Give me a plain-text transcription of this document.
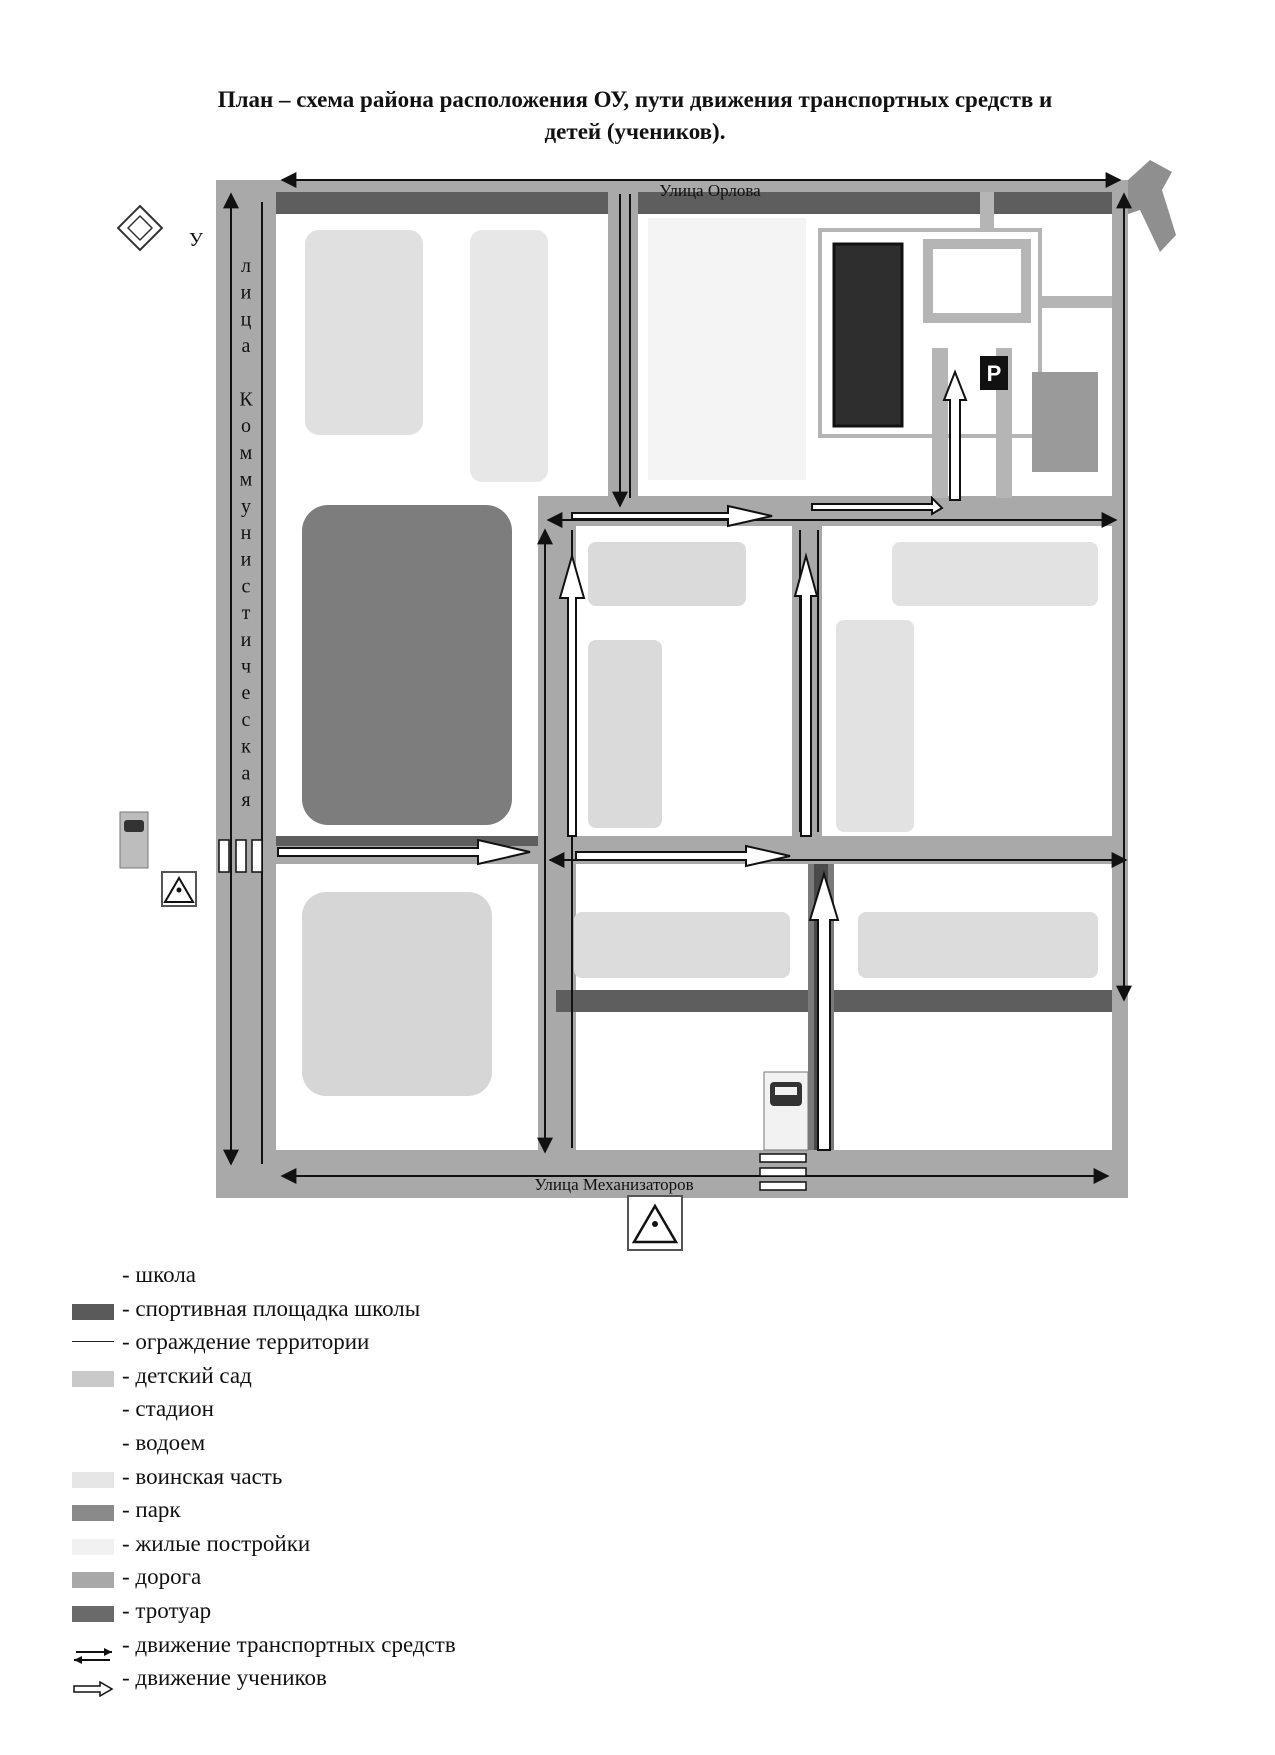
План – схема района расположения ОУ, пути движения транспортных средств и
детей (учеников).
P
Улица Орлова
Улица Механизаторов
У
л
и
ц
а
К
о
м
м
у
н
и
с
т
и
ч
е
с
к
а
я
- школа
- спортивная площадка школы
- ограждение территории
- детский сад
- стадион
- водоем
- воинская часть
- парк
- жилые постройки
- дорога
- тротуар
- движение транспортных средств
- движение учеников
